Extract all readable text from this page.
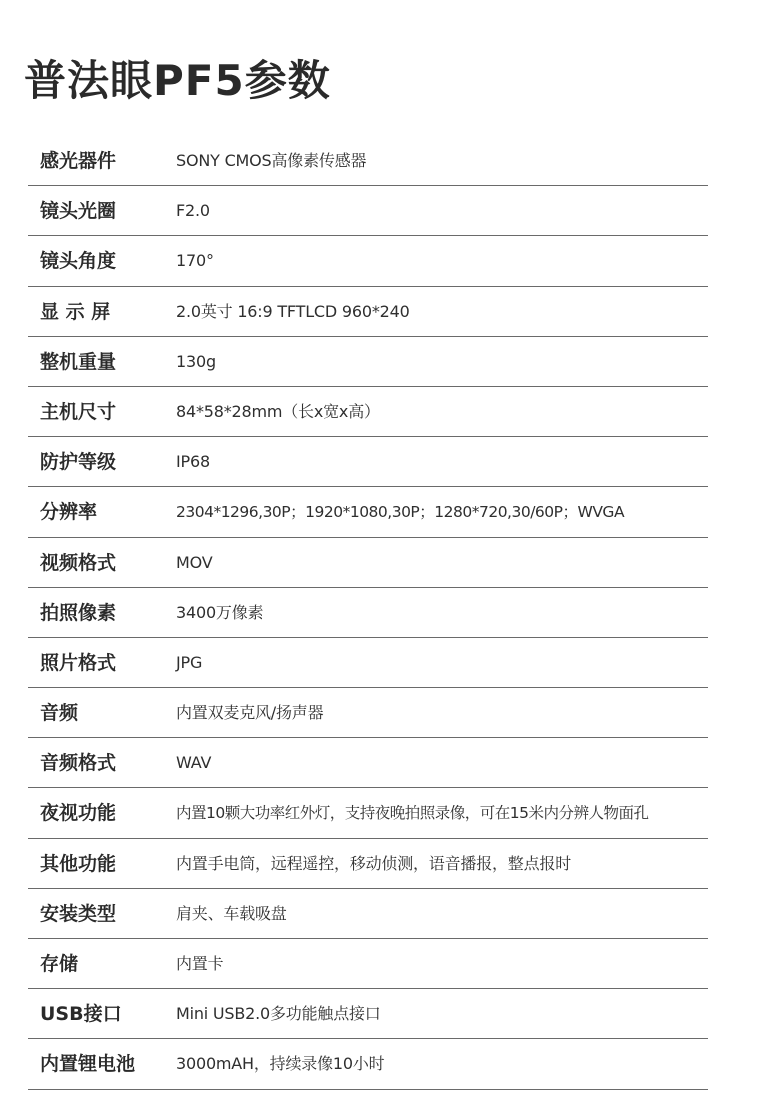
普法眼PF5参数
感光器件	SONY CMOS高像素传感器
镜头光圈	F2.0
镜头角度	170°
显 示 屏	2.0英寸 16:9 TFTLCD 960*240
整机重量	130g
主机尺寸	84*58*28mm（长x宽x高）
防护等级	IP68
分辨率	2304*1296,30P；1920*1080,30P；1280*720,30/60P；WVGA
视频格式	MOV
拍照像素	3400万像素
照片格式	JPG
音频	内置双麦克风/扬声器
音频格式	WAV
夜视功能	内置10颗大功率红外灯，支持夜晚拍照录像，可在15米内分辨人物面孔
其他功能	内置手电筒，远程遥控，移动侦测，语音播报，整点报时
安装类型	肩夹、车载吸盘
存储	内置卡
USB接口	Mini USB2.0多功能触点接口
内置锂电池	3000mAH，持续录像10小时
